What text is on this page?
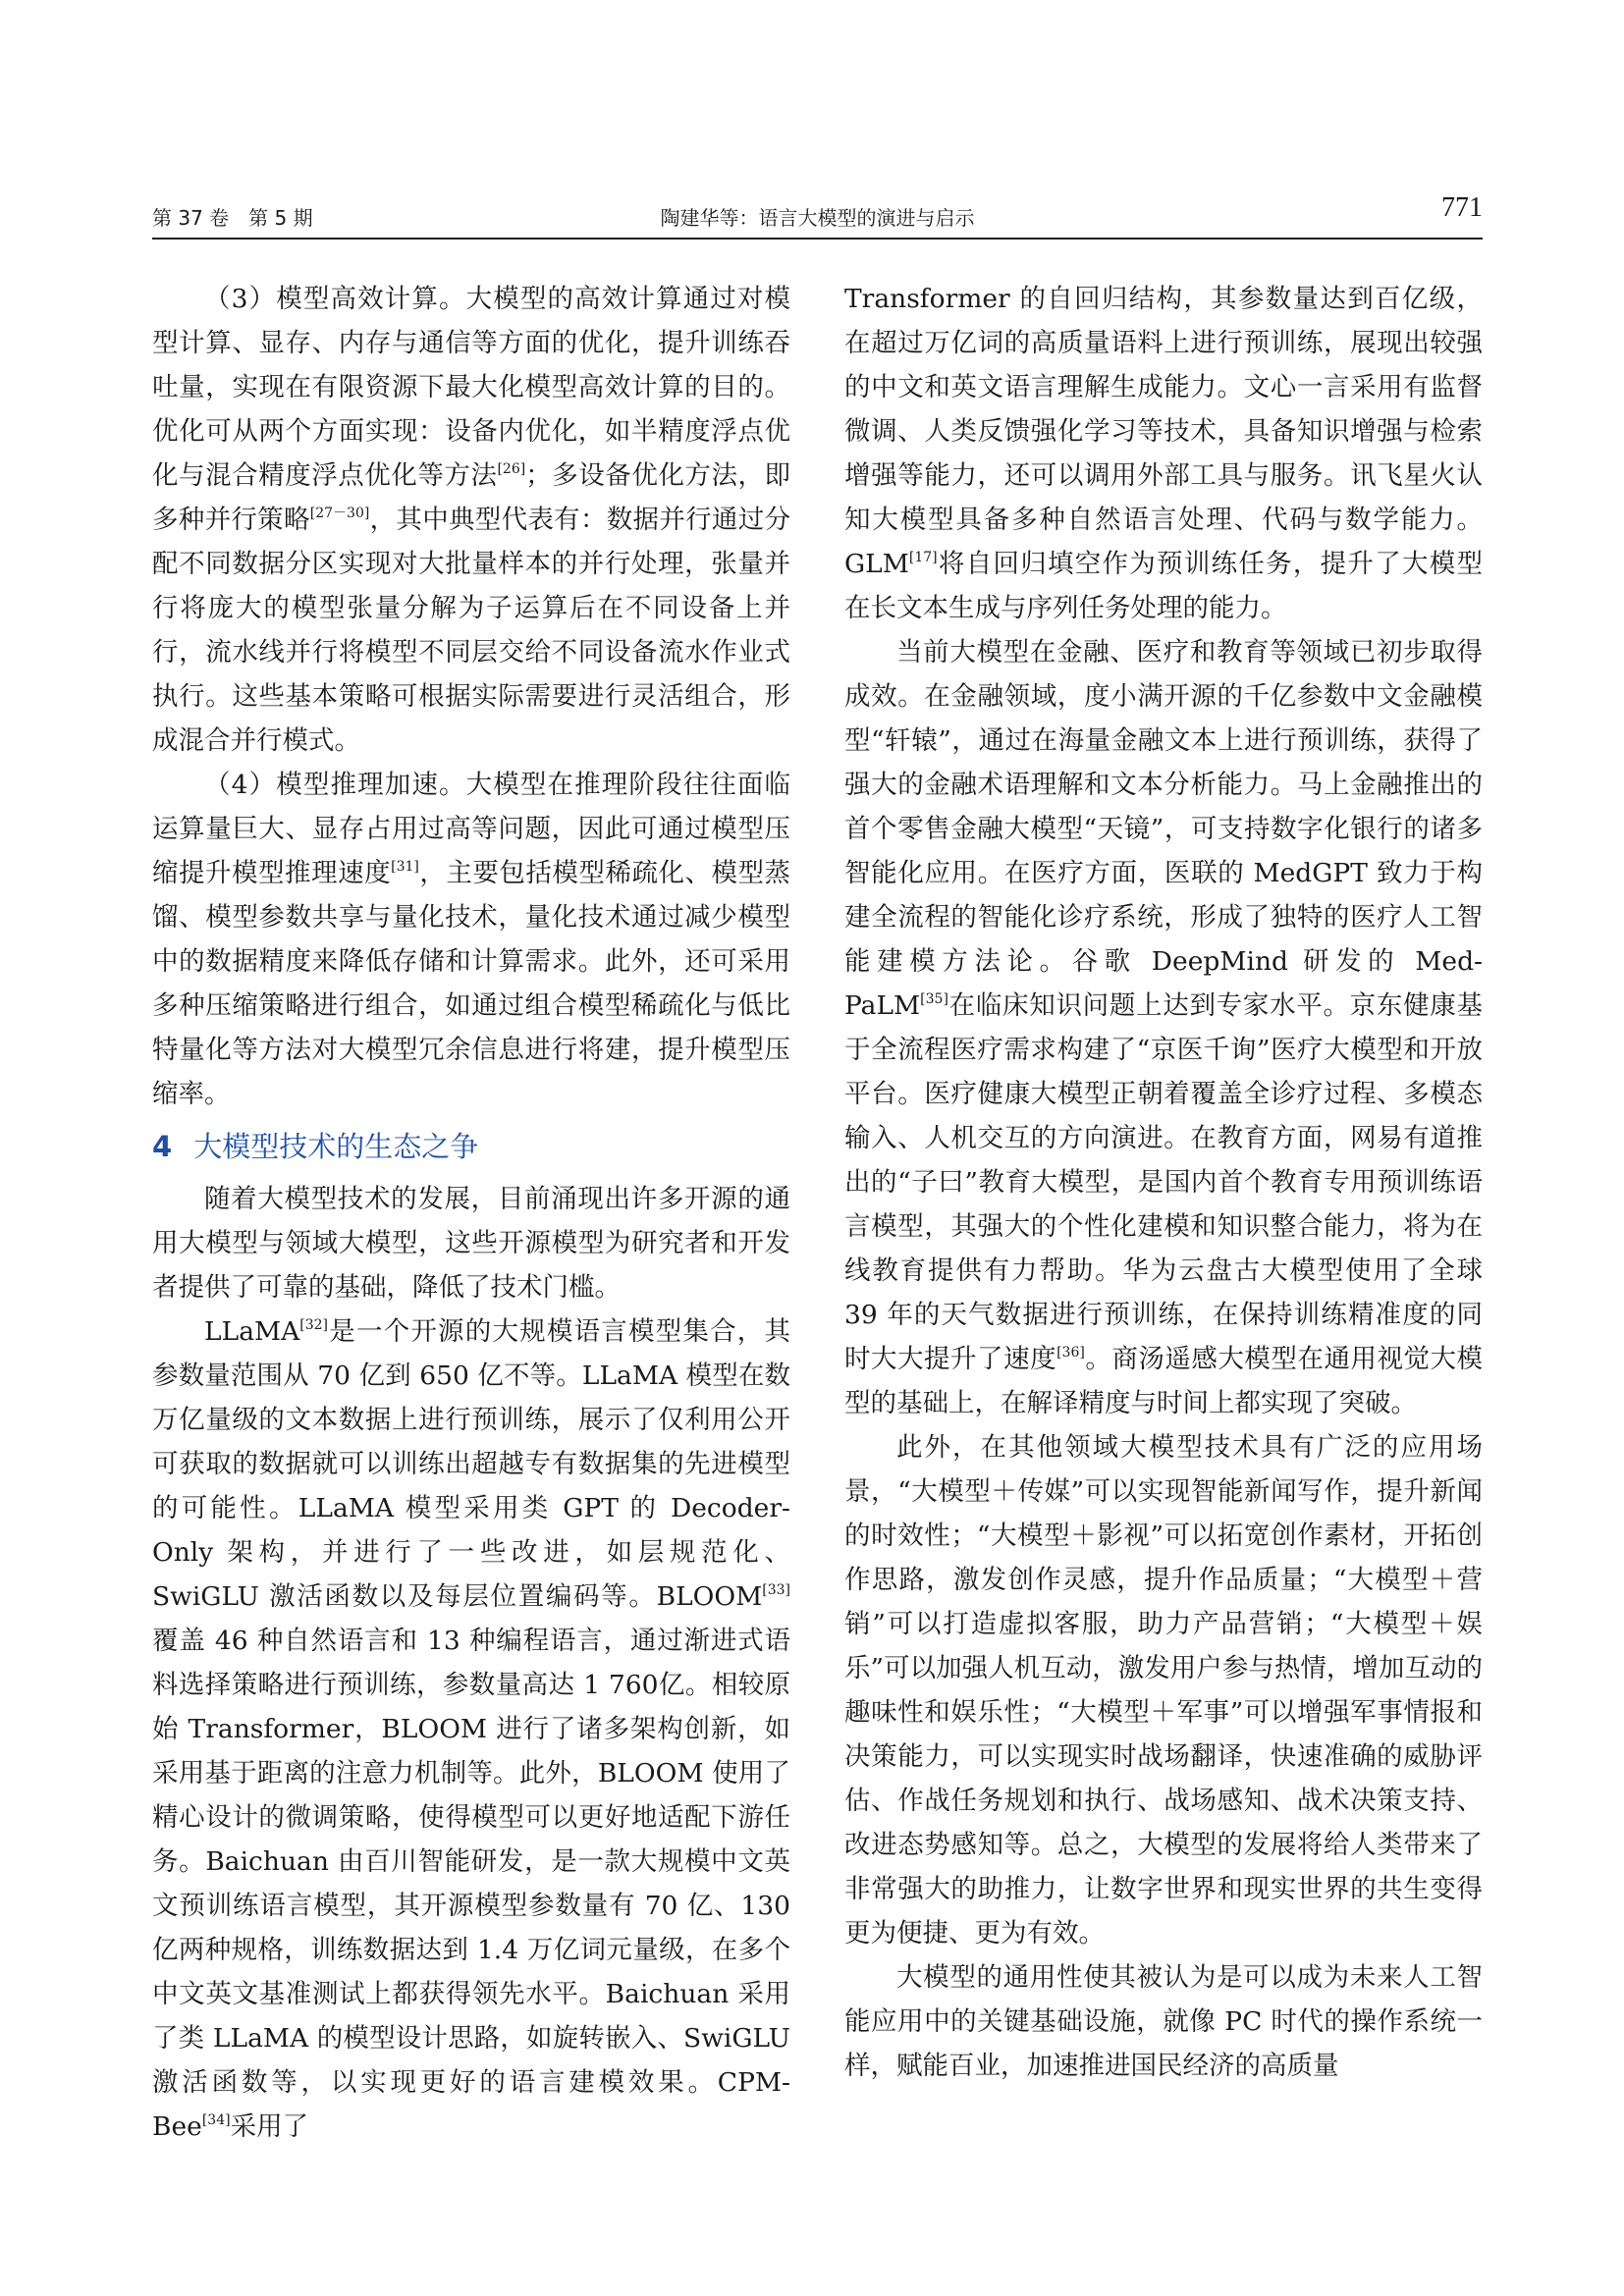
第 37 卷　第 5 期	陶建华等：语言大模型的演进与启示	771

（3）模型高效计算。大模型的高效计算通过对模型计算、显存、内存与通信等方面的优化，提升训练吞吐量，实现在有限资源下最大化模型高效计算的目的。优化可从两个方面实现：设备内优化，如半精度浮点优化与混合精度浮点优化等方法[26]；多设备优化方法，即多种并行策略[27－30]，其中典型代表有：数据并行通过分配不同数据分区实现对大批量样本的并行处理，张量并行将庞大的模型张量分解为子运算后在不同设备上并行，流水线并行将模型不同层交给不同设备流水作业式执行。这些基本策略可根据实际需要进行灵活组合，形成混合并行模式。

（4）模型推理加速。大模型在推理阶段往往面临运算量巨大、显存占用过高等问题，因此可通过模型压缩提升模型推理速度[31]，主要包括模型稀疏化、模型蒸馏、模型参数共享与量化技术，量化技术通过减少模型中的数据精度来降低存储和计算需求。此外，还可采用多种压缩策略进行组合，如通过组合模型稀疏化与低比特量化等方法对大模型冗余信息进行将建，提升模型压缩率。

4 大模型技术的生态之争

随着大模型技术的发展，目前涌现出许多开源的通用大模型与领域大模型，这些开源模型为研究者和开发者提供了可靠的基础，降低了技术门槛。

LLaMA[32]是一个开源的大规模语言模型集合，其参数量范围从 70 亿到 650 亿不等。LLaMA 模型在数万亿量级的文本数据上进行预训练，展示了仅利用公开可获取的数据就可以训练出超越专有数据集的先进模型的可能性。LLaMA 模型采用类 GPT 的 Decoder-Only 架构，并进行了一些改进，如层规范化、SwiGLU 激活函数以及每层位置编码等。BLOOM[33]覆盖 46 种自然语言和 13 种编程语言，通过渐进式语料选择策略进行预训练，参数量高达 1 760亿。相较原始 Transformer，BLOOM 进行了诸多架构创新，如采用基于距离的注意力机制等。此外，BLOOM 使用了精心设计的微调策略，使得模型可以更好地适配下游任务。Baichuan 由百川智能研发，是一款大规模中文英文预训练语言模型，其开源模型参数量有 70 亿、130 亿两种规格，训练数据达到 1.4 万亿词元量级，在多个中文英文基准测试上都获得领先水平。Baichuan 采用了类 LLaMA 的模型设计思路，如旋转嵌入、SwiGLU 激活函数等，以实现更好的语言建模效果。CPM-Bee[34]采用了

Transformer 的自回归结构，其参数量达到百亿级，在超过万亿词的高质量语料上进行预训练，展现出较强的中文和英文语言理解生成能力。文心一言采用有监督微调、人类反馈强化学习等技术，具备知识增强与检索增强等能力，还可以调用外部工具与服务。讯飞星火认知大模型具备多种自然语言处理、代码与数学能力。GLM[17]将自回归填空作为预训练任务，提升了大模型在长文本生成与序列任务处理的能力。

当前大模型在金融、医疗和教育等领域已初步取得成效。在金融领域，度小满开源的千亿参数中文金融模型“轩辕”，通过在海量金融文本上进行预训练，获得了强大的金融术语理解和文本分析能力。马上金融推出的首个零售金融大模型“天镜”，可支持数字化银行的诸多智能化应用。在医疗方面，医联的 MedGPT 致力于构建全流程的智能化诊疗系统，形成了独特的医疗人工智能建模方法论。谷歌 DeepMind 研发的 Med-PaLM[35]在临床知识问题上达到专家水平。京东健康基于全流程医疗需求构建了“京医千询”医疗大模型和开放平台。医疗健康大模型正朝着覆盖全诊疗过程、多模态输入、人机交互的方向演进。在教育方面，网易有道推出的“子曰”教育大模型，是国内首个教育专用预训练语言模型，其强大的个性化建模和知识整合能力，将为在线教育提供有力帮助。华为云盘古大模型使用了全球 39 年的天气数据进行预训练，在保持训练精准度的同时大大提升了速度[36]。商汤遥感大模型在通用视觉大模型的基础上，在解译精度与时间上都实现了突破。

此外，在其他领域大模型技术具有广泛的应用场景，“大模型＋传媒”可以实现智能新闻写作，提升新闻的时效性；“大模型＋影视”可以拓宽创作素材，开拓创作思路，激发创作灵感，提升作品质量；“大模型＋营销”可以打造虚拟客服，助力产品营销；“大模型＋娱乐”可以加强人机互动，激发用户参与热情，增加互动的趣味性和娱乐性；“大模型＋军事”可以增强军事情报和决策能力，可以实现实时战场翻译，快速准确的威胁评估、作战任务规划和执行、战场感知、战术决策支持、改进态势感知等。总之，大模型的发展将给人类带来了非常强大的助推力，让数字世界和现实世界的共生变得更为便捷、更为有效。

大模型的通用性使其被认为是可以成为未来人工智能应用中的关键基础设施，就像 PC 时代的操作系统一样，赋能百业，加速推进国民经济的高质量
